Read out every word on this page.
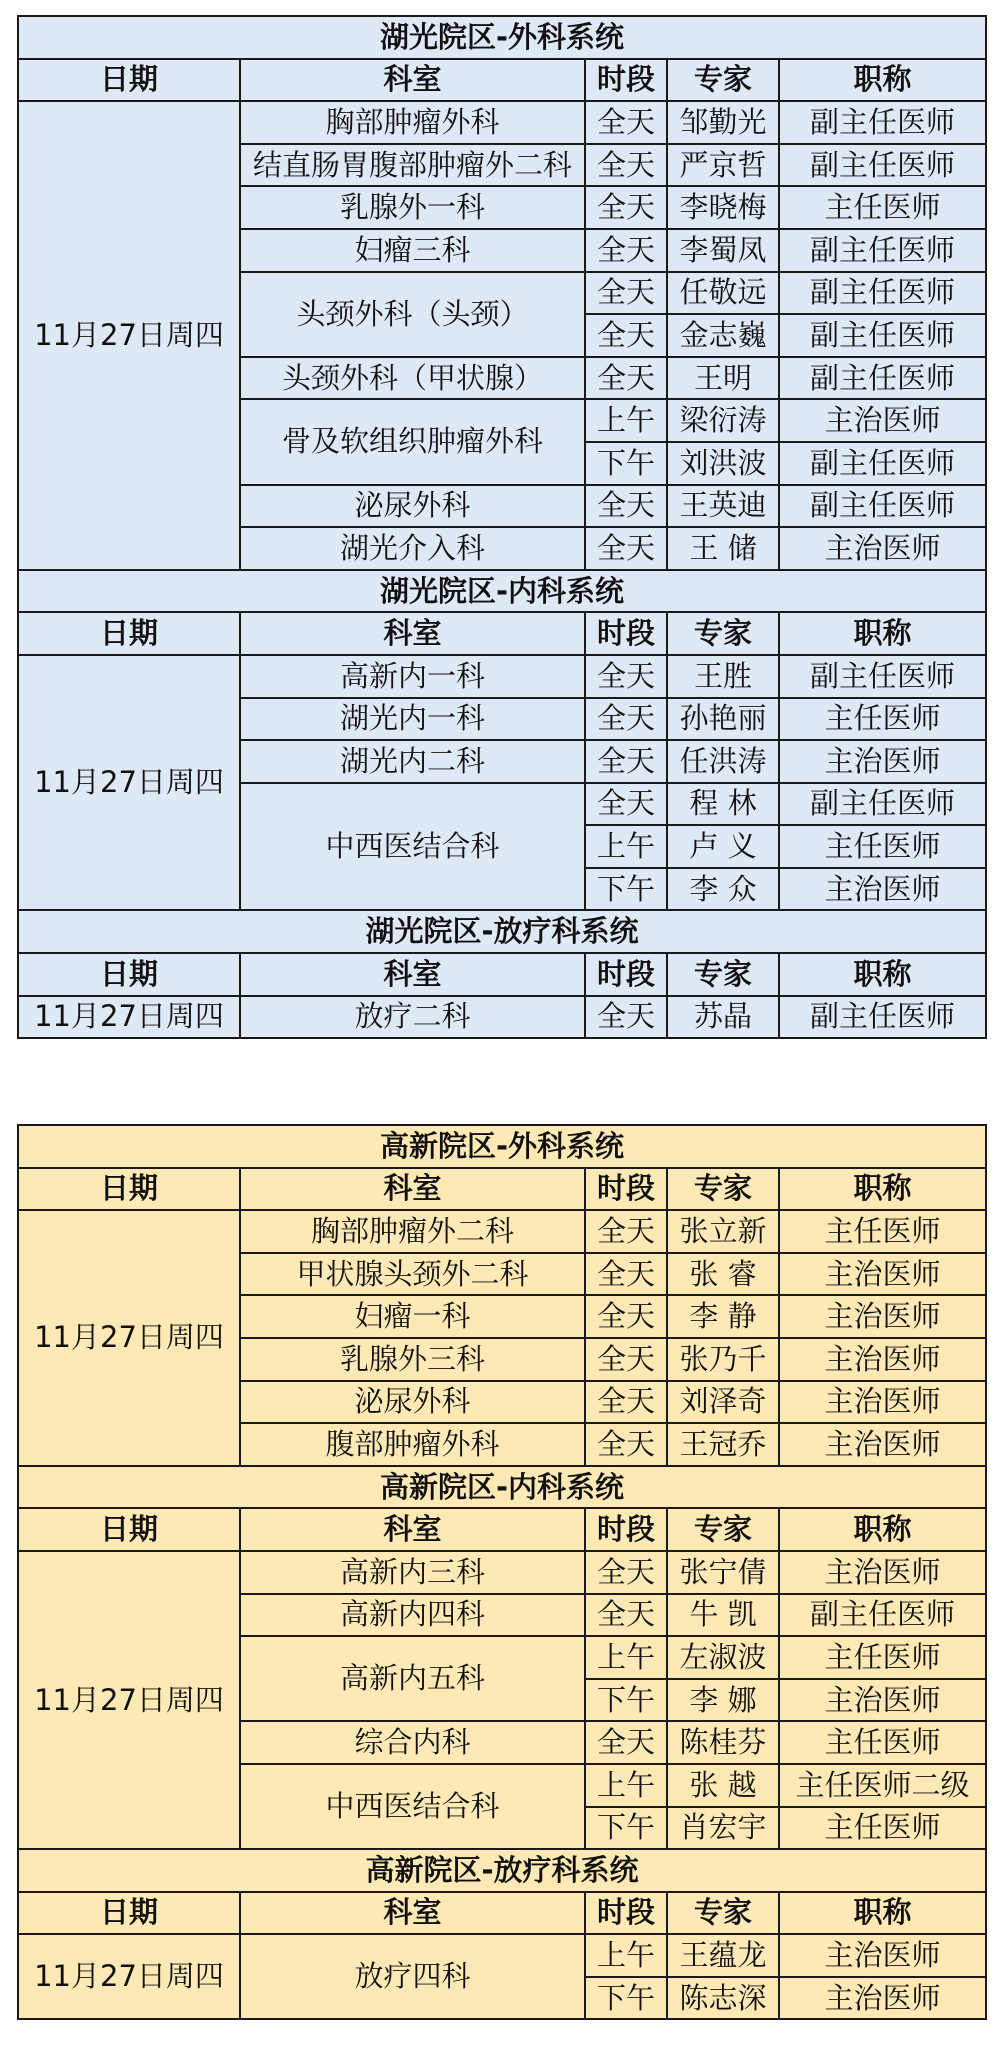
湖光院区-外科系统				
日期	科室	时段	专家	职称
11月27日周四	胸部肿瘤外科	全天	邹勤光	副主任医师
	结直肠胃腹部肿瘤外二科	全天	严京哲	副主任医师
	乳腺外一科	全天	李晓梅	主任医师
	妇瘤三科	全天	李蜀凤	副主任医师
	头颈外科（头颈）	全天	任敬远	副主任医师
		全天	金志巍	副主任医师
	头颈外科（甲状腺）	全天	王明	副主任医师
	骨及软组织肿瘤外科	上午	梁衍涛	主治医师
		下午	刘洪波	副主任医师
	泌尿外科	全天	王英迪	副主任医师
	湖光介入科	全天	王 储	主治医师
湖光院区-内科系统				
日期	科室	时段	专家	职称
11月27日周四	高新内一科	全天	王胜	副主任医师
	湖光内一科	全天	孙艳丽	主任医师
	湖光内二科	全天	任洪涛	主治医师
	中西医结合科	全天	程 林	副主任医师
		上午	卢 义	主任医师
		下午	李 众	主治医师
湖光院区-放疗科系统				
日期	科室	时段	专家	职称
11月27日周四	放疗二科	全天	苏晶	副主任医师
高新院区-外科系统				
日期	科室	时段	专家	职称
11月27日周四	胸部肿瘤外二科	全天	张立新	主任医师
	甲状腺头颈外二科	全天	张 睿	主治医师
	妇瘤一科	全天	李 静	主治医师
	乳腺外三科	全天	张乃千	主治医师
	泌尿外科	全天	刘泽奇	主治医师
	腹部肿瘤外科	全天	王冠乔	主治医师
高新院区-内科系统				
日期	科室	时段	专家	职称
11月27日周四	高新内三科	全天	张宁倩	主治医师
	高新内四科	全天	牛 凯	副主任医师
	高新内五科	上午	左淑波	主任医师
		下午	李 娜	主治医师
	综合内科	全天	陈桂芬	主任医师
	中西医结合科	上午	张 越	主任医师二级
		下午	肖宏宇	主任医师
高新院区-放疗科系统				
日期	科室	时段	专家	职称
11月27日周四	放疗四科	上午	王蕴龙	主治医师
		下午	陈志深	主治医师
